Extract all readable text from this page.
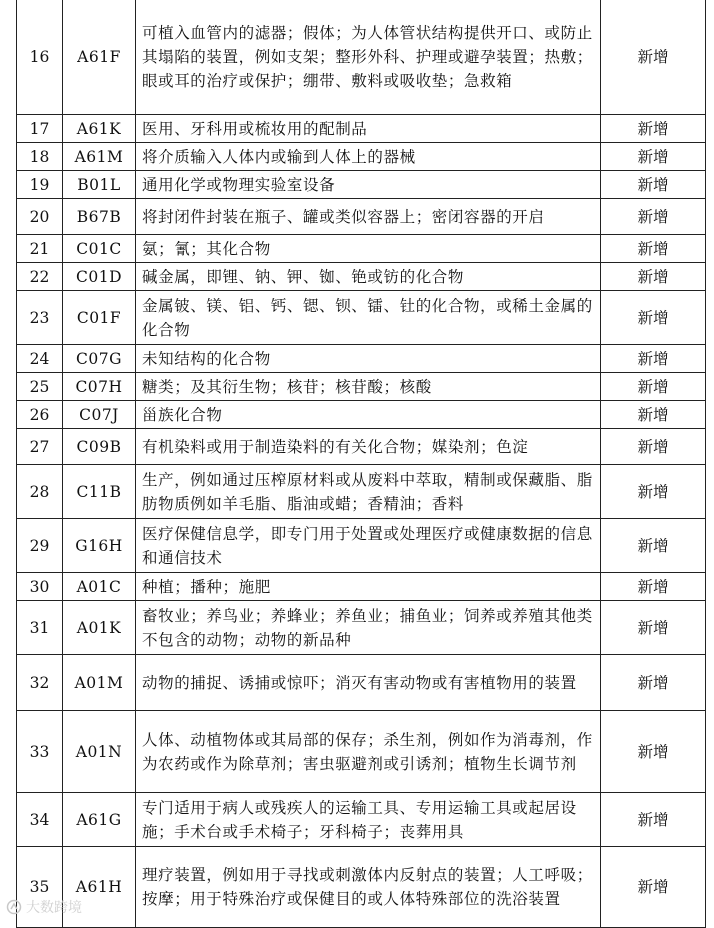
16	A61F	可植入血管内的滤器；假体；为人体管状结构提供开口、或防止其塌陷的装置，例如支架；整形外科、护理或避孕装置；热敷；眼或耳的治疗或保护；绷带、敷料或吸收垫；急救箱	新增
17	A61K	医用、牙科用或梳妆用的配制品	新增
18	A61M	将介质输入人体内或输到人体上的器械	新增
19	B01L	通用化学或物理实验室设备	新增
20	B67B	将封闭件封装在瓶子、罐或类似容器上；密闭容器的开启	新增
21	C01C	氨；氰；其化合物	新增
22	C01D	碱金属，即锂、钠、钾、铷、铯或钫的化合物	新增
23	C01F	金属铍、镁、铝、钙、锶、钡、镭、钍的化合物，或稀土金属的化合物	新增
24	C07G	未知结构的化合物	新增
25	C07H	糖类；及其衍生物；核苷；核苷酸；核酸	新增
26	C07J	甾族化合物	新增
27	C09B	有机染料或用于制造染料的有关化合物；媒染剂；色淀	新增
28	C11B	生产，例如通过压榨原材料或从废料中萃取，精制或保藏脂、脂肪物质例如羊毛脂、脂油或蜡；香精油；香料	新增
29	G16H	医疗保健信息学，即专门用于处置或处理医疗或健康数据的信息和通信技术	新增
30	A01C	种植；播种；施肥	新增
31	A01K	畜牧业；养鸟业；养蜂业；养鱼业；捕鱼业；饲养或养殖其他类不包含的动物；动物的新品种	新增
32	A01M	动物的捕捉、诱捕或惊吓；消灭有害动物或有害植物用的装置	新增
33	A01N	人体、动植物体或其局部的保存；杀生剂，例如作为消毒剂，作为农药或作为除草剂；害虫驱避剂或引诱剂；植物生长调节剂	新增
34	A61G	专门适用于病人或残疾人的运输工具、专用运输工具或起居设施；手术台或手术椅子；牙科椅子；丧葬用具	新增
35	A61H	理疗装置，例如用于寻找或刺激体内反射点的装置；人工呼吸；按摩；用于特殊治疗或保健目的或人体特殊部位的洗浴装置	新增
大数跨境
